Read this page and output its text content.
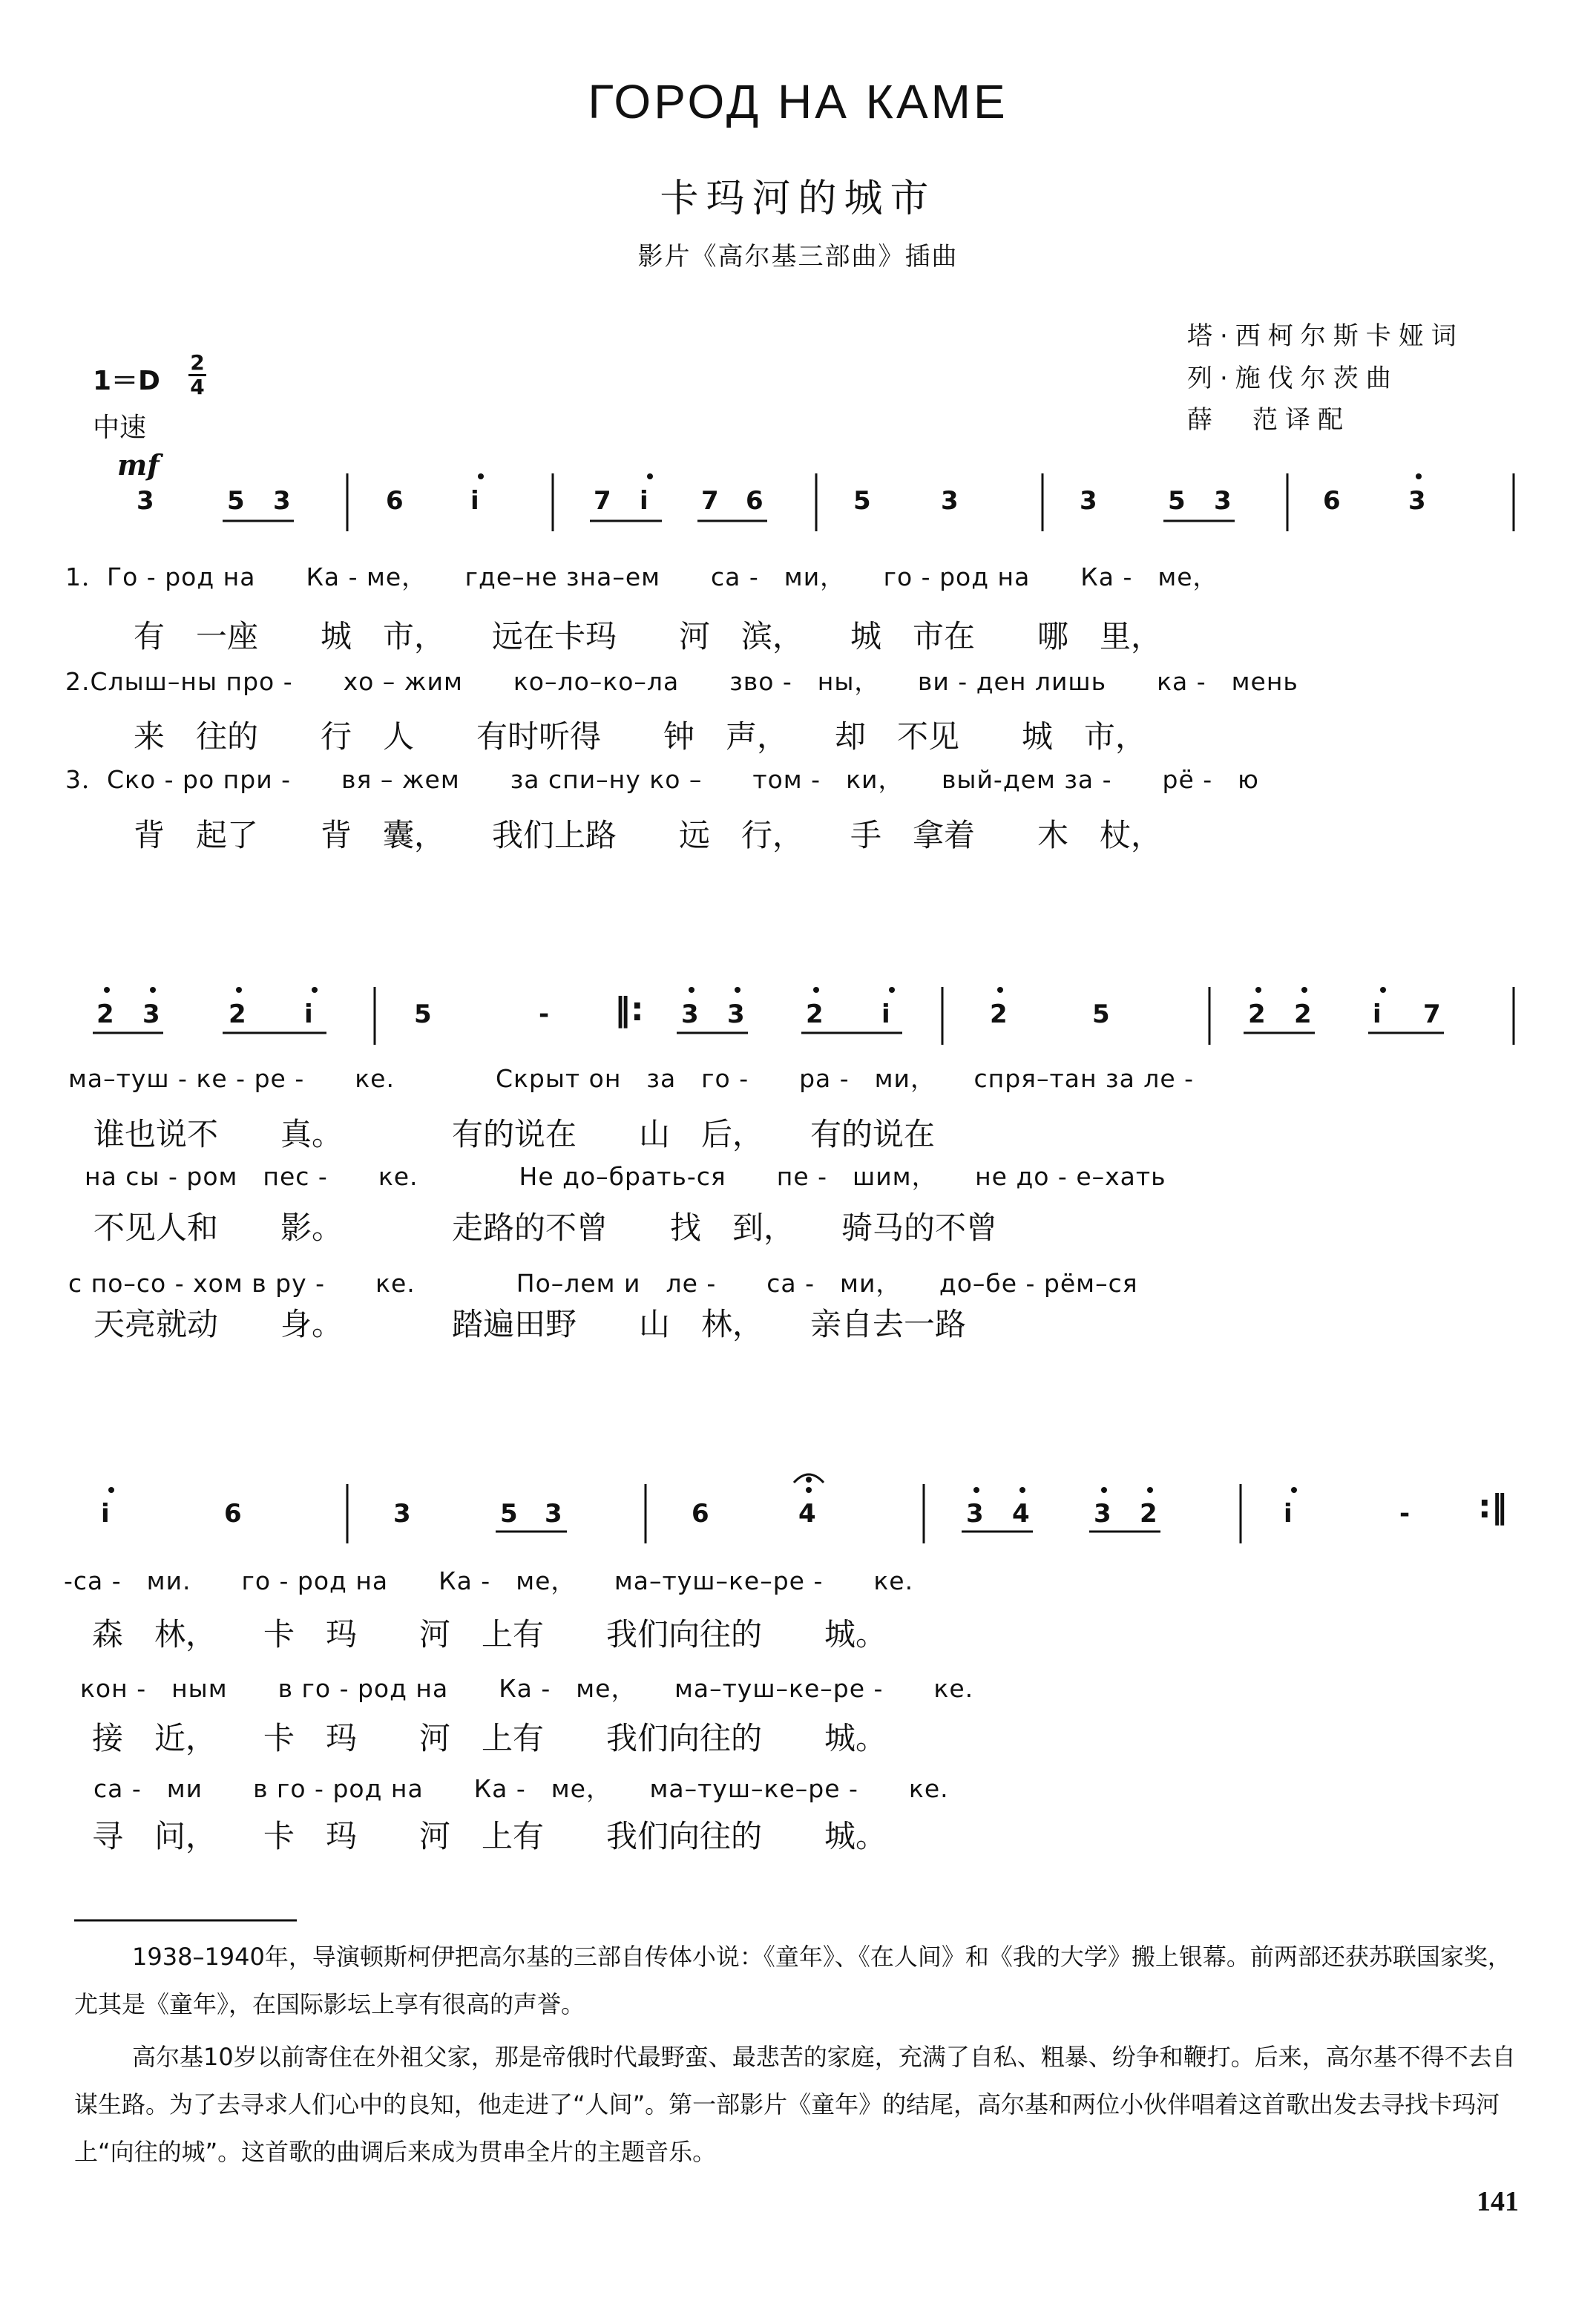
ГОРОД НА КАМЕ
卡玛河的城市
影片《高尔基三部曲》插曲
塔·西柯尔斯卡娅词
列·施伐尔茨曲
薛　范译配
1＝D
2
4
中速
mf
3	5 3	6	i	7 i 7 6	5	3	3	5 3	6	3
1．Го - род на　　Ка - ме，　　где–не зна–ем　　са -　ми，　　го - род на　　Ка -　ме，
有　一座　　城　市，　　远在卡玛　　河　滨，　　城　市在　　哪　里，
2.Слыш–ны про -　　хо – жим　　ко–ло–ко–ла　　зво -　ны，　　ви - ден лишь　　ка -　мень
来　往的　　行　人　　有时听得　　钟　声，　　却　不见　　城　市，
3．Ско - ро при -　　вя – жем　　за спи–ну ко –　　том -　ки，　　вый-дем за -　　рё -　ю
背　起了　　背　囊，　　我们上路　　远　行，　　手　拿着　　木　杖，
2 3	2 i	5	-	3 3 2 i	2	5	2 2 i 7
‖:
ма–туш - ке - ре -　　ке.　　　　Скрыт он　за　го -　　ра -　ми，　　спря–тан за ле -
谁也说不　　真。　　　　有的说在　　山　后，　　有的说在
на сы - ром　пес -　　ке.　　　　Не до–брать-ся　　пе -　шим，　　не до - е–хать
不见人和　　影。　　　　走路的不曾　　找　到，　　骑马的不曾
с по–со - хом в ру -　　ке.　　　　По–лем и　ле -　　са -　ми，　　до–бе - рём–ся
天亮就动　　身。　　　　踏遍田野　　山　林，　　亲自去一路
i	6	3	5 3	6	4	3 4	3 2	i	- :‖
-са -　ми.　　го - род на　　Ка -　ме，　　ма–туш–ке–ре -　　ке.
森　林，　　卡　玛　　河　上有　　我们向往的　　城。
кон -　ным　　в го - род на　　Ка -　ме，　　ма–туш–ке–ре -　　ке.
接　近，　　卡　玛　　河　上有　　我们向往的　　城。
са -　ми　　в го - род на　　Ка -　ме，　　ма–туш–ке–ре -　　ке.
寻　问，　　卡　玛　　河　上有　　我们向往的　　城。
1938–1940年，导演顿斯柯伊把高尔基的三部自传体小说：《童年》、《在人间》和《我的大学》搬上银幕。前两部还获苏联国家奖，尤其是《童年》，在国际影坛上享有很高的声誉。
高尔基10岁以前寄住在外祖父家，那是帝俄时代最野蛮、最悲苦的家庭，充满了自私、粗暴、纷争和鞭打。后来，高尔基不得不去自谋生路。为了去寻求人们心中的良知，他走进了“人间”。第一部影片《童年》的结尾，高尔基和两位小伙伴唱着这首歌出发去寻找卡玛河上“向往的城”。这首歌的曲调后来成为贯串全片的主题音乐。
141
